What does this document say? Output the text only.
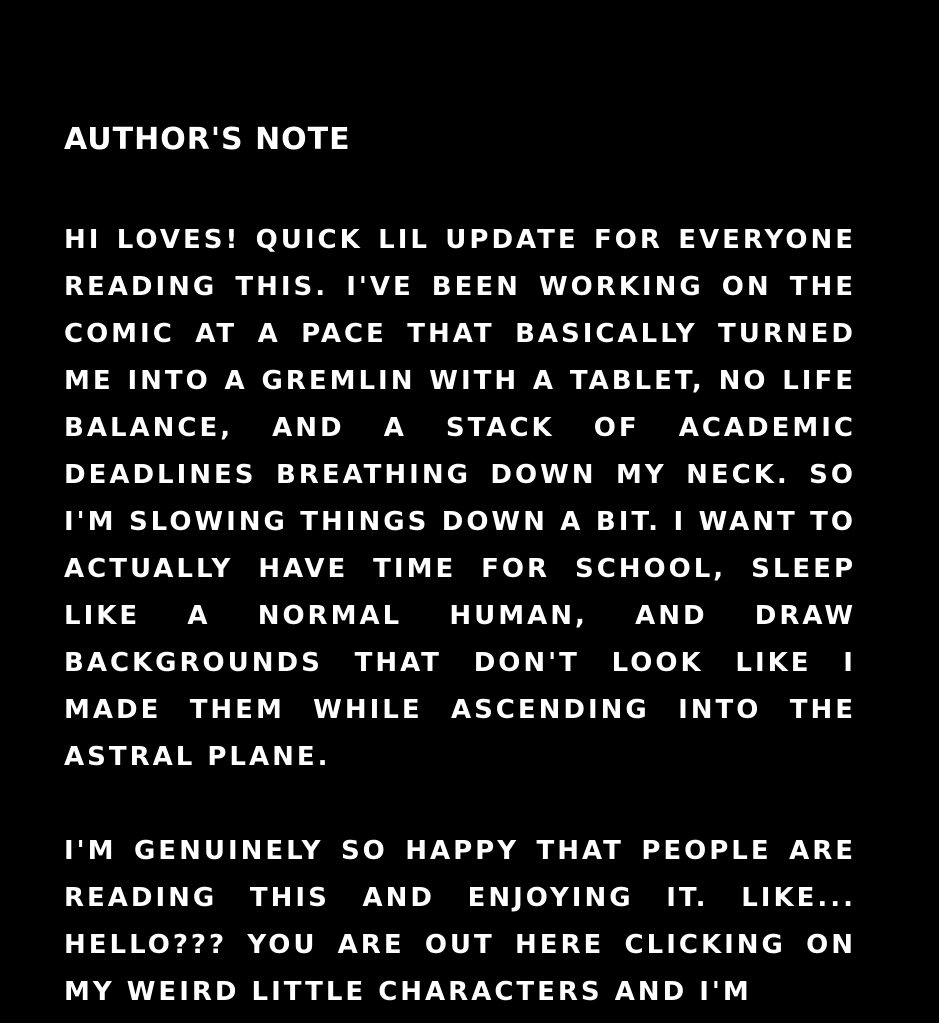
AUTHOR'S NOTE

HI LOVES! QUICK LIL UPDATE FOR EVERYONE READING THIS. I'VE BEEN WORKING ON THE COMIC AT A PACE THAT BASICALLY TURNED ME INTO A GREMLIN WITH A TABLET, NO LIFE BALANCE, AND A STACK OF ACADEMIC DEADLINES BREATHING DOWN MY NECK. SO I'M SLOWING THINGS DOWN A BIT. I WANT TO ACTUALLY HAVE TIME FOR SCHOOL, SLEEP LIKE A NORMAL HUMAN, AND DRAW BACKGROUNDS THAT DON'T LOOK LIKE I MADE THEM WHILE ASCENDING INTO THE ASTRAL PLANE.

I'M GENUINELY SO HAPPY THAT PEOPLE ARE READING THIS AND ENJOYING IT. LIKE... HELLO??? YOU ARE OUT HERE CLICKING ON MY WEIRD LITTLE CHARACTERS AND I'M
